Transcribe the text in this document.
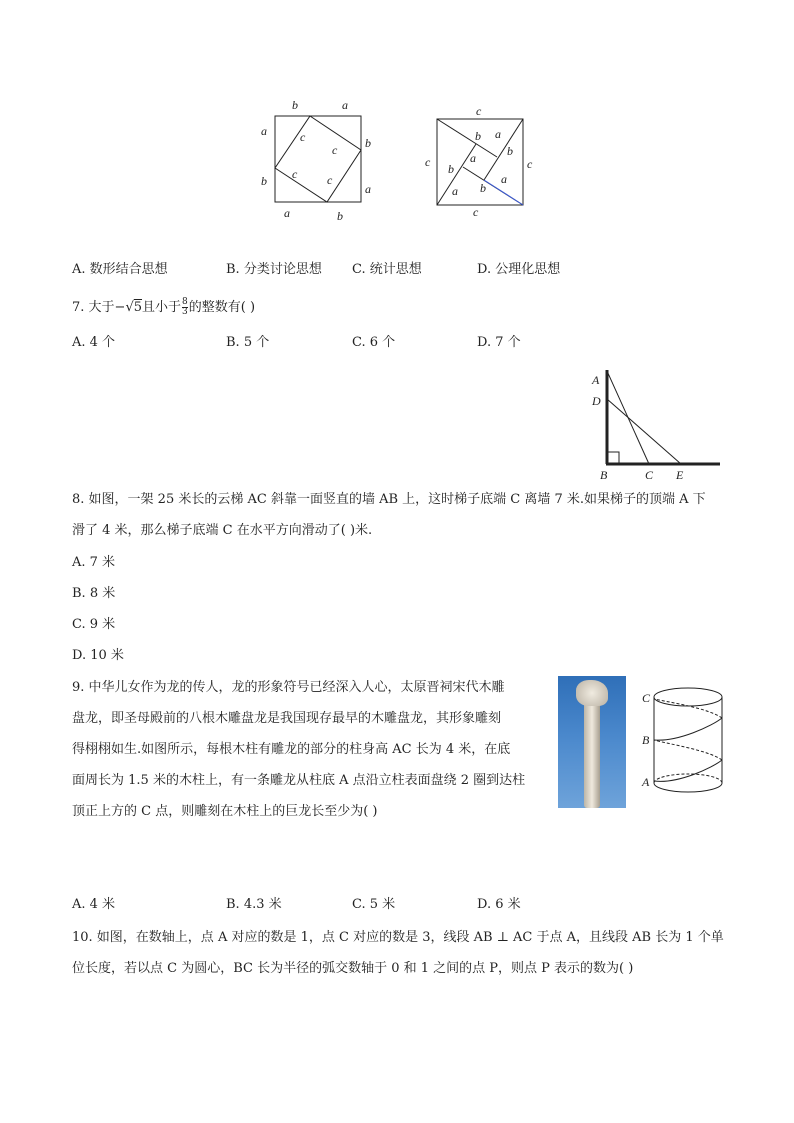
b	a
a
b
b
a
a	b
c
c
c c
c
c	c
c
b a
b
b
a
a b
a
A. 数形结合思想	B. 分类讨论思想 C. 统计思想	D. 公理化思想
7. 大于−√5且小于 $\frac{8}{3}$ 的整数有( )
A. 4 个	B. 5 个	C. 6 个	D. 7 个
A
D
B	C E
8. 如图，一架 25 米长的云梯 AC 斜靠一面竖直的墙 AB 上，这时梯子底端 C 离墙 7 米.如果梯子的顶端 A 下
滑了 4 米，那么梯子底端 C 在水平方向滑动了( )米.
A. 7 米
B. 8 米
C. 9 米
D. 10 米
9. 中华儿女作为龙的传人，龙的形象符号已经深入人心，太原晋祠宋代木雕
盘龙，即圣母殿前的八根木雕盘龙是我国现存最早的木雕盘龙，其形象雕刻
得栩栩如生.如图所示，每根木柱有雕龙的部分的柱身高 AC 长为 4 米，在底
面周长为 1.5 米的木柱上，有一条雕龙从柱底 A 点沿立柱表面盘绕 2 圈到达柱
顶正上方的 C 点，则雕刻在木柱上的巨龙长至少为( )
C
B
A
A. 4 米	B. 4.3 米	C. 5 米	D. 6 米
10. 如图，在数轴上，点 A 对应的数是 1，点 C 对应的数是 3，线段 AB ⊥ AC 于点 A，且线段 AB 长为 1 个单
位长度，若以点 C 为圆心，BC 长为半径的弧交数轴于 0 和 1 之间的点 P，则点 P 表示的数为( )
